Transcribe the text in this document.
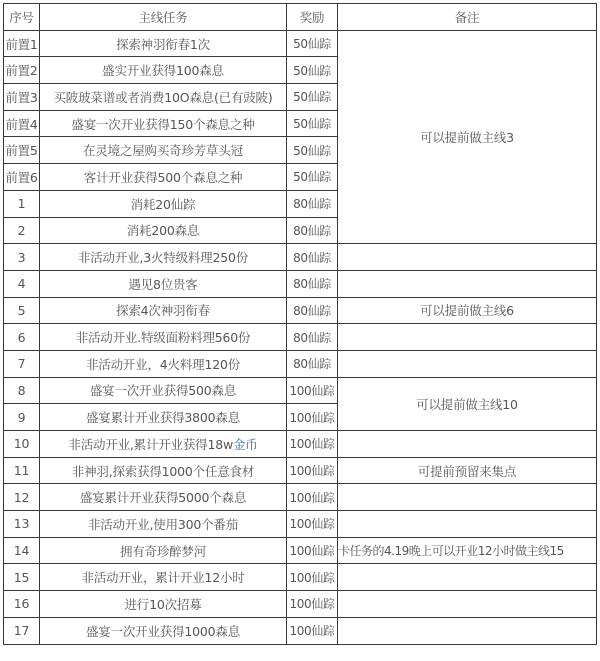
序号	主线任务	奖励	备注
前置1	探索神羽衔春1次	50仙踪	可以提前做主线3
前置2	盛实开业获得100森息	50仙踪	
前置3	买陂玻菜谱或者消费10O森息(已有豉陂)	50仙踪	
前置4	盛宴一次开业获得150个森息之种	50仙踪	
前置5	在灵境之屋购买奇珍芳草头冠	50仙踪	
前置6	客计开业获得500个森息之种	50仙踪	
1	消耗20仙踪	80仙踪	
2	消耗200森息	80仙踪	
3	非活动开业,3火特级料理250份	80仙踪	
4	遇见8位贵客	80仙踪	
5	探索4次神羽衔春	80仙踪	可以提前做主线6
6	非活动开业.特级面粉料理560份	80仙踪	
7	非活动开业，4火料理120份	80仙踪	
8	盛宴一次开业获得500森息	100仙踪	可以提前做主线10
9	盛宴累计开业获得3800森息	100仙踪	
10	非活动开业,累计开业获得18w金币	100仙踪	
11	非神羽,探索获得1000个任意食材	100仙踪	可提前预留来集点
12	盛宴累计开业获得5000个森息	100仙踪	
13	非活动开业,使用300个番茄	100仙踪	
14	拥有奇珍醉梦河	100仙踪	卡任务的4.19晚上可以开业12小时做主线15
15	非活动开业，累计开业12小时	100仙踪	
16	进行10次招募	100仙踪	
17	盛宴一次开业获得1000森息	100仙踪	
